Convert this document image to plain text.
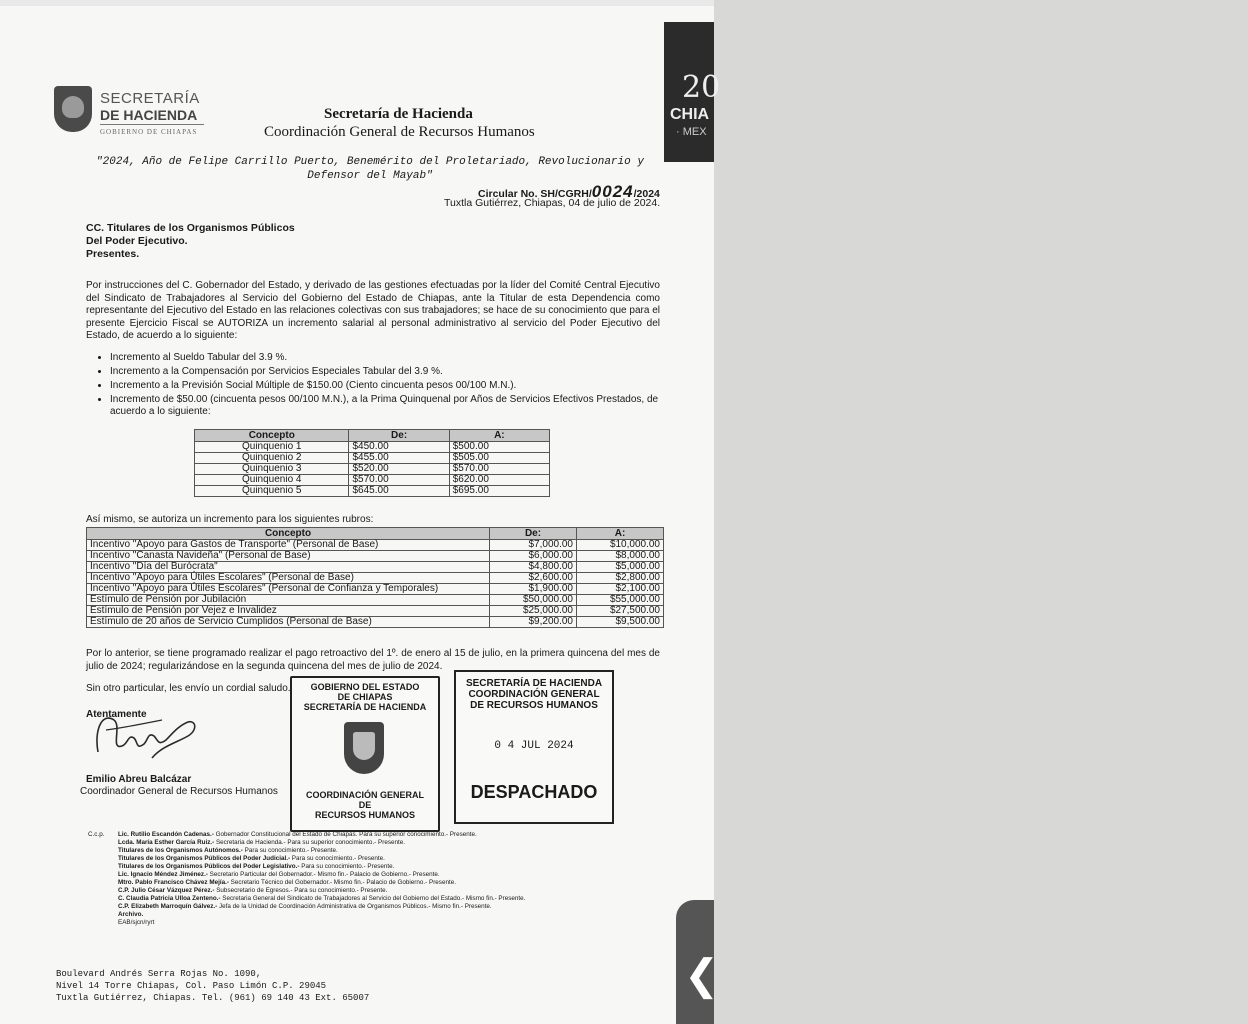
20
CHIA
· MEX
SECRETARÍA
DE HACIENDA
GOBIERNO DE CHIAPAS
Secretaría de Hacienda
Coordinación General de Recursos Humanos
"2024, Año de Felipe Carrillo Puerto, Benemérito del Proletariado, Revolucionario y Defensor del Mayab"
Circular No. SH/CGRH/0024/2024
Tuxtla Gutiérrez, Chiapas, 04 de julio de 2024.
CC. Titulares de los Organismos Públicos
Del Poder Ejecutivo.
Presentes.
Por instrucciones del C. Gobernador del Estado, y derivado de las gestiones efectuadas por la líder del Comité Central Ejecutivo del Sindicato de Trabajadores al Servicio del Gobierno del Estado de Chiapas, ante la Titular de esta Dependencia como representante del Ejecutivo del Estado en las relaciones colectivas con sus trabajadores; se hace de su conocimiento que para el presente Ejercicio Fiscal se AUTORIZA un incremento salarial al personal administrativo al servicio del Poder Ejecutivo del Estado, de acuerdo a lo siguiente:
• Incremento al Sueldo Tabular del 3.9 %.
• Incremento a la Compensación por Servicios Especiales Tabular del 3.9 %.
• Incremento a la Previsión Social Múltiple de $150.00 (Ciento cincuenta pesos 00/100 M.N.).
• Incremento de $50.00 (cincuenta pesos 00/100 M.N.), a la Prima Quinquenal por Años de Servicios Efectivos Prestados, de acuerdo a lo siguiente:
Concepto	De:	A:
Quinquenio 1	$450.00	$500.00
Quinquenio 2	$455.00	$505.00
Quinquenio 3	$520.00	$570.00
Quinquenio 4	$570.00	$620.00
Quinquenio 5	$645.00	$695.00
Así mismo, se autoriza un incremento para los siguientes rubros:
Concepto	De:	A:
Incentivo "Apoyo para Gastos de Transporte" (Personal de Base)	$7,000.00	$10,000.00
Incentivo "Canasta Navideña" (Personal de Base)	$6,000.00	$8,000.00
Incentivo "Día del Burócrata"	$4,800.00	$5,000.00
Incentivo "Apoyo para Útiles Escolares" (Personal de Base)	$2,600.00	$2,800.00
Incentivo "Apoyo para Útiles Escolares" (Personal de Confianza y Temporales)	$1,900.00	$2,100.00
Estímulo de Pensión por Jubilación	$50,000.00	$55,000.00
Estímulo de Pensión por Vejez e Invalidez	$25,000.00	$27,500.00
Estímulo de 20 años de Servicio Cumplidos (Personal de Base)	$9,200.00	$9,500.00
Por lo anterior, se tiene programado realizar el pago retroactivo del 1º. de enero al 15 de julio, en la primera quincena del mes de julio de 2024; regularizándose en la segunda quincena del mes de julio de 2024.
Sin otro particular, les envío un cordial saludo.
Atentamente
Emilio Abreu Balcázar
Coordinador General de Recursos Humanos
GOBIERNO DEL ESTADO
DE CHIAPAS
SECRETARÍA DE HACIENDA
COORDINACIÓN GENERAL
DE
RECURSOS HUMANOS
SECRETARÍA DE HACIENDA
COORDINACIÓN GENERAL
DE RECURSOS HUMANOS
0 4 JUL 2024
DESPACHADO
C.c.p. Lic. Rutilio Escandón Cadenas.- Gobernador Constitucional del Estado de Chiapas. Para su superior conocimiento.- Presente.
Lcda. María Esther García Ruiz.- Secretaria de Hacienda.- Para su superior conocimiento.- Presente.
Titulares de los Organismos Autónomos.- Para su conocimiento.- Presente.
Titulares de los Organismos Públicos del Poder Judicial.- Para su conocimiento.- Presente.
Titulares de los Organismos Públicos del Poder Legislativo.- Para su conocimiento.- Presente.
Lic. Ignacio Méndez Jiménez.- Secretario Particular del Gobernador.- Mismo fin.- Palacio de Gobierno.- Presente.
Mtro. Pablo Francisco Chávez Mejía.- Secretario Técnico del Gobernador.- Mismo fin.- Palacio de Gobierno.- Presente.
C.P. Julio César Vázquez Pérez.- Subsecretario de Egresos.- Para su conocimiento.- Presente.
C. Claudia Patricia Ulloa Zenteno.- Secretaria General del Sindicato de Trabajadores al Servicio del Gobierno del Estado.- Mismo fin.- Presente.
C.P. Elizabeth Marroquín Gálvez.- Jefa de la Unidad de Coordinación Administrativa de Organismos Públicos.- Mismo fin.- Presente.
Archivo.
EAB/sjcn/ryrt
Boulevard Andrés Serra Rojas No. 1090,
Nivel 14 Torre Chiapas, Col. Paso Limón C.P. 29045
Tuxtla Gutiérrez, Chiapas. Tel. (961) 69 140 43 Ext. 65007	❮
